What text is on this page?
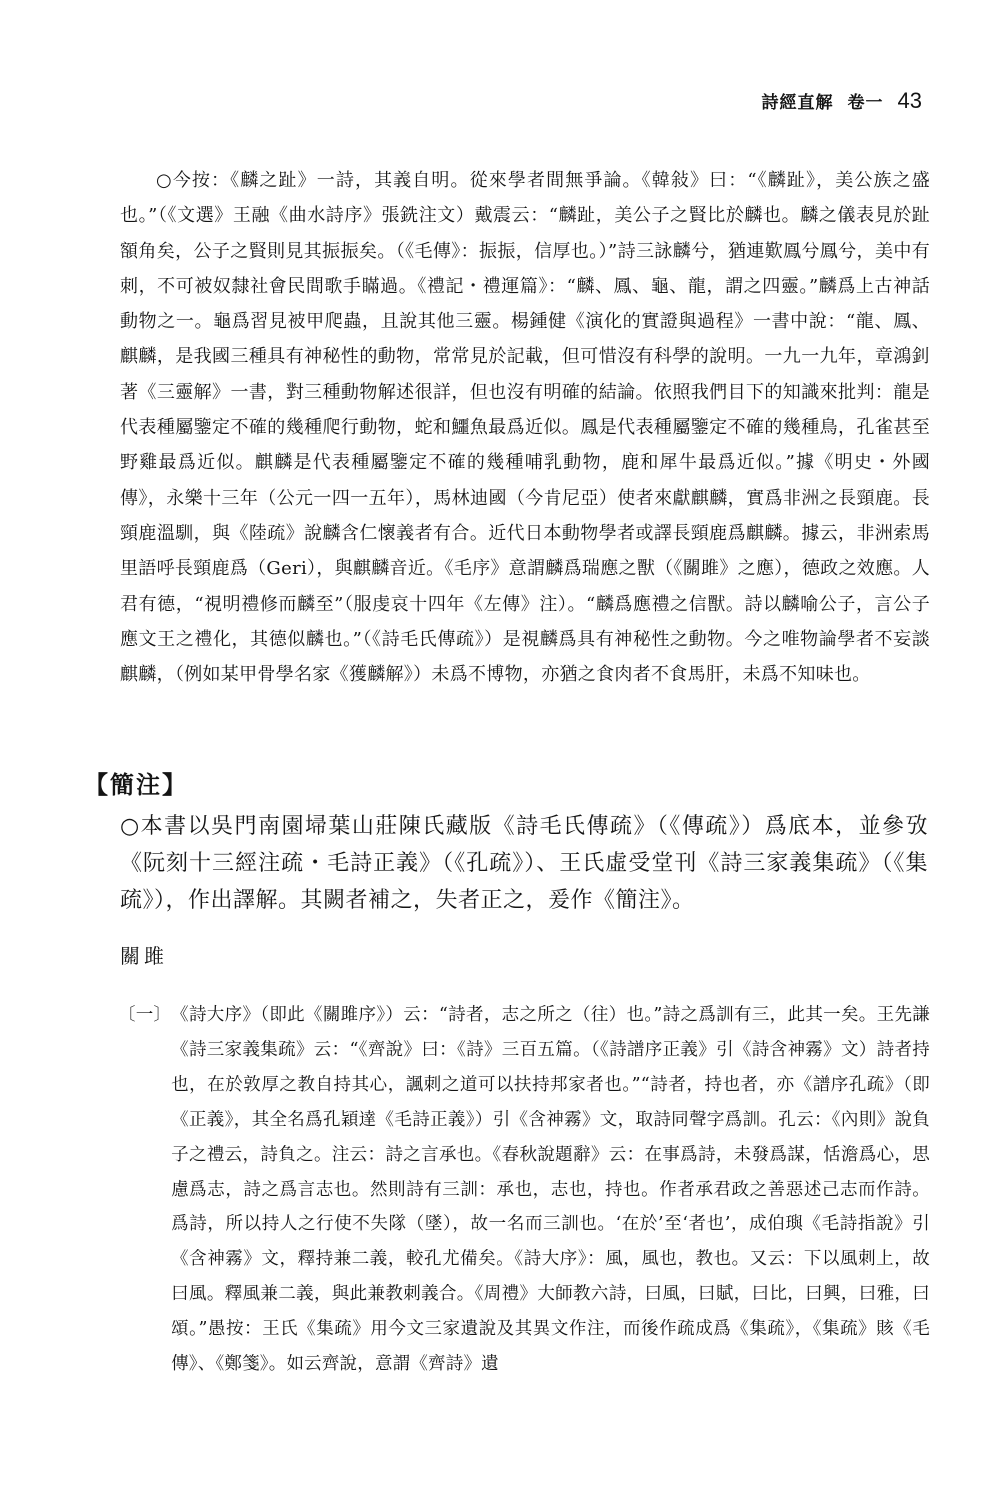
詩經直解 卷一 43

○今按：《麟之趾》一詩，其義自明。從來學者間無爭論。《韓敍》曰：“《麟趾》，美公族之盛也。”（《文選》王融《曲水詩序》張銑注文）戴震云：“麟趾，美公子之賢比於麟也。麟之儀表見於趾額角矣，公子之賢則見其振振矣。（《毛傳》：振振，信厚也。）”詩三詠麟兮，猶連歎鳳兮鳳兮，美中有刺，不可被奴隸社會民間歌手瞞過。《禮記・禮運篇》：“麟、鳳、龜、龍，謂之四靈。”麟爲上古神話動物之一。龜爲習見被甲爬蟲，且說其他三靈。楊鍾健《演化的實證與過程》一書中說：“龍、鳳、麒麟，是我國三種具有神秘性的動物，常常見於記載，但可惜沒有科學的說明。一九一九年，章鴻釗著《三靈解》一書，對三種動物解述很詳，但也沒有明確的結論。依照我們目下的知識來批判：龍是代表種屬鑒定不確的幾種爬行動物，蛇和鱷魚最爲近似。鳳是代表種屬鑒定不確的幾種鳥，孔雀甚至野雞最爲近似。麒麟是代表種屬鑒定不確的幾種哺乳動物，鹿和犀牛最爲近似。”據《明史・外國傳》，永樂十三年（公元一四一五年），馬林迪國（今肯尼亞）使者來獻麒麟，實爲非洲之長頸鹿。長頸鹿溫馴，與《陸疏》說麟含仁懷義者有合。近代日本動物學者或譯長頸鹿爲麒麟。據云，非洲索馬里語呼長頸鹿爲（Geri），與麒麟音近。《毛序》意謂麟爲瑞應之獸（《關雎》之應），德政之效應。人君有德，“視明禮修而麟至”（服虔哀十四年《左傳》注）。“麟爲應禮之信獸。詩以麟喻公子，言公子應文王之禮化，其德似麟也。”（《詩毛氏傳疏》）是視麟爲具有神秘性之動物。今之唯物論學者不妄談麒麟，（例如某甲骨學名家《獲麟解》）未爲不博物，亦猶之食肉者不食馬肝，未爲不知味也。

【簡注】

○本書以吳門南園埽葉山莊陳氏藏版《詩毛氏傳疏》（《傳疏》）爲底本，並參攷《阮刻十三經注疏・毛詩正義》（《孔疏》）、王氏虛受堂刊《詩三家義集疏》（《集疏》），作出譯解。其闕者補之，失者正之，爰作《簡注》。

關雎
〔一〕 《詩大序》（即此《關雎序》）云：“詩者，志之所之（往）也。”詩之爲訓有三，此其一矣。王先謙《詩三家義集疏》云：“《齊說》曰：《詩》三百五篇。（《詩譜序正義》引《詩含神霧》文）詩者持也，在於敦厚之教自持其心，諷刺之道可以扶持邦家者也。”“詩者，持也者，亦《譜序孔疏》（即《正義》，其全名爲孔穎達《毛詩正義》）引《含神霧》文，取詩同聲字爲訓。孔云：《內則》說負子之禮云，詩負之。注云：詩之言承也。《春秋說題辭》云：在事爲詩，未發爲謀，恬澹爲心，思慮爲志，詩之爲言志也。然則詩有三訓：承也，志也，持也。作者承君政之善惡述己志而作詩。爲詩，所以持人之行使不失隊（墜），故一名而三訓也。‘在於’至‘者也’，成伯璵《毛詩指說》引《含神霧》文，釋持兼二義，較孔尤備矣。《詩大序》：風，風也，教也。又云：下以風刺上，故曰風。釋風兼二義，與此兼教刺義合。《周禮》大師教六詩，曰風，曰賦，曰比，曰興，曰雅，曰頌。”愚按：王氏《集疏》用今文三家遺說及其異文作注，而後作疏成爲《集疏》，《集疏》賅《毛傳》、《鄭箋》。如云齊說，意謂《齊詩》遺
